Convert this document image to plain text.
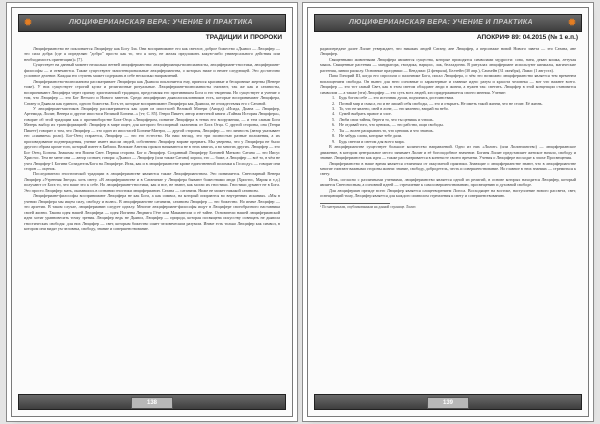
✹	ЛЮЦИФЕРИАНСКАЯ ВЕРА: УЧЕНИЕ И ПРАКТИКА
ТРАДИЦИИ И ПРОРОКИ

Люциферианство не поклоняется Люциферу как Богу Зла. Они воспринимают его как светлое, доброе божество «Дьявол — Люцифер — это сила добра (где я определяю "добро" просто как то, что я хочу, не желая предложить какую-либо универсального действия или необходимость ориентации)» [7].

Существует на данный момент несколько ветвей люциферианства: люциферианцы-волюсианисты, люцифериане-гностики, люцифериане-философы — и отвечаются. Также существуют экзистенциональные люциферианства, о которых ниже и немее следующей. Это достаточно условное деление. Каждая его ступень может содержать в себе несколько направлений.

Люциферианство-волюсианизм рассматривает Люцифера как Дьявола поклоняется ему, принося красивые и бескровные жертвы (Венере тоже). У них существует строгий культ и религиозные ритуальные. Люцифериане-волюсианисты считают, так же как и сатанисты, воспринимают Люцифера через призму христианской традиции, представляя его противником Бога и его творения. Но существует и учение о том, что Люцифер — это Бог Ветхого и Нового заветов. Среди люцифериан дьяволопоклонников есть, которые воспринимают Люцифера, Сатану и Дьявола как единого, одного божества. Есть те, которые воспринимают Люцифера как Дьявола, не отождествляя его с Сатаной.

У люцифериан-мистиков Люцифер рассматривается как один из ипостасей Великой Матери (Аиорд) «Исида, Диана — Люцифер, Артемида, Лилит, Венера и другие ипостаси Великой Богини...» [тт; С. 85]. Генри Пикетт, автор известной книги «Тайная История Люцифера», говорит об этой традиции как о противоборстве Бога-Отца «Люцифером, понятие Люцифера в тенях его вооружения, — и тем самым Бога Матерь выбор их трансформацией: Люцифер в мире ищет, для которого бесспорный сказочник от Бога Отца. С другой стороны, она (Генри Пикетт) говорит о том, что Люцифер — это один из ипостасей Богини-Матери, — другой стороны, Люцифер — это личность (автор указывает его «сиянием» роли). Бог-Отец старается, Люцифер — это его естество. На наш взгляд, это три полностью разные положения, а их проповедование подтверждения, учение имеет мысли людей, собственно Люцифер вправе прервать. Мы уверены, что у Люцифера не было другого образа кроме того, который имеет в Библии. Великие Ангелы прокоп называются не в этих книгах, а во многих других. Люцифер — это Бог Отец, Богиня. Знакомы эти Воини Свет. Первая сторона. Бог и Люцифер. Созданный Люциферу Богиней Маткою: Сатана — это Иисус Христос. Тем не мене они — автор сознает, говоря: «Дьявол — Люцифер (или также Сатана) хорош, это — боже, а Люцифер — всё то, в чём не учел Люцифер-1 Богини Созидатель/Бога на Люцифере. Итак, как и в люциферианстве кроме единственной поломки к Господу» — говорят они сторон — оценок.

Последователи гностической традиции в люциферианстве являются также Люциферианством. Это понимается. Светозарный Венера Люцифер «Утренняя Звезда» хоть свету. «В люциферианстве и в Сатанизме у Люцифера бывают божествами люди (Христос, Мария и т.д.) получают от Бога то, что ваше это к себе. Но люцифериане-гностики, как и все, не знают, как могли их гностики. Гностики думают не в Бога. Это просто Люцифер: мать, оказавшись в сознании гностики люциферианин. Сатана — сатанизм. Ниже не может никакой сатанизм.

Люцифериане-философы воспринимают Люцифера не как Бога, а как символ, на который опираются во внутренних исканиях. «Мы в учении Люцифера мы ищем силу, свободу и волю». В люциферианстве сатанизм, сатанизм Люцифер — это божество. Но иначе Люцифер — это архетип. В таком случае, люциферианин следует идеалу. Многие люцифериане-философы ищут в Люцифере своеобразного наставника своей жизни. Такова идея нашей Люцифера — идея Иоганна Людвига Гёте или Макиавелли о её тайне. Основатели нашей люциферианской идеи хотят уравновесить точку зрения. Люцифер ведь не Дьявол, Люцифер — природа, которая посвящена искусству освещать не дьявола гностических свободы: для них Люцифер — свет, которым божество сияет человеческим разумом. Иначе есть только Люцифер как символ, в котором они видят ум человека, свободу, знание и совершенствование.

138
ЛЮЦИФЕРИАНСКАЯ ВЕРА: УЧЕНИЕ И ПРАКТИКА	✹
АПОКРИФ 89: 04.2015 (№ 1 е.п.)

радиопередаче далее Лилит утверждает, что никаких людей Сатану, ане Люцифер, а персонаже новой Нового завета — это Сатана, ане Люцифер.

Священными животными Люцифера являются существа, которые приходятся символами мудрости: сова, змея, декан кошка, летучая мышь. Священные растения — мандрагора, гвоздика, нарцисс, лак, белладонна. В ритуалах люцифериане используют кинжалы, магические растения, линии расколу. Основные праздники — Кендлмас (2 февраля), Белтейн (30 апр.), Самхейн (31 октября), Ламас (1 августа).

Папа Гонорий III, когда его спросили о палочнике Бога, писал Люцифера, о чём это возможно люциферианство является тем временем воплощением свободы. Он вынес для него основные и характерные и главные идеи: разум и красота человека — вот что важнее всего. Люцифер — это тот самый Свет, как в этом светом обладают люди в жизни, а нужен так: светить. Люцифер в этой концепции становится символом — а также (эти) Люцифер — это суть всех людей, кто придерживается своего мнения. Учение:

1. Будь богом себе — это источник души, подчинись достоинствам.
2. Познай мир и смысл, но и не лишай себя свободы, — это и открыть. Не иметь такой жизни, что не стоит. Её жизнь.
3. То, что не явлено, свей в лоне, — это явленно, взирай на небо.
4. Сумей выбрать правое и злое.
5. Люби свои тайны, береги то, что ты ценишь и чтишь.
6. Не отдавай того, что ценишь, — это рабство, ищи свободы.
7. Ты — волен раскрывать то, что ценишь и что знаешь.
8. Не забудь слова, которые тебе дали.
9. Будь светом и светом для всего мира.

В люциферианстве существует большое количество направлений. Одно из них «Лилит» (или Лилитианство) — люциферианское движение, в котором центральное место занимает Лилит и её богоподобное значение. Богиня Лилит представляет женское начало, свободу и знание. Люциферианство как идея — также рассматривается в контексте своего времени. Учения о Люцифере восходят к эпохе Просвещения.

Люциферианство в наше время является отличным от оккультной практики. Знающие о люциферианстве знают, что в люциферианстве многие считают важными стороны жизни: знание, свободу, добродетель, честь и совершенствование. Но главное в этих знаниях — стремиться к свету.

Итак, согласно с различными учениями, люциферианство является одной из религий, в основе которых находится Люцифер, который является Светоносным, а основной идеей — стремление к самосовершенствованию, просвещению и духовной свободе.

Для люцифериан прежде всего Люцифер является олицетворением Логоса. Восходящее на востоке, наступление нового рассвета, свет, освещающий тьму, Люцифер является для каждого символом стремления к свету и совершенствованию.

¹ По материалам, опубликованным на данной странице. Лилит.

139
